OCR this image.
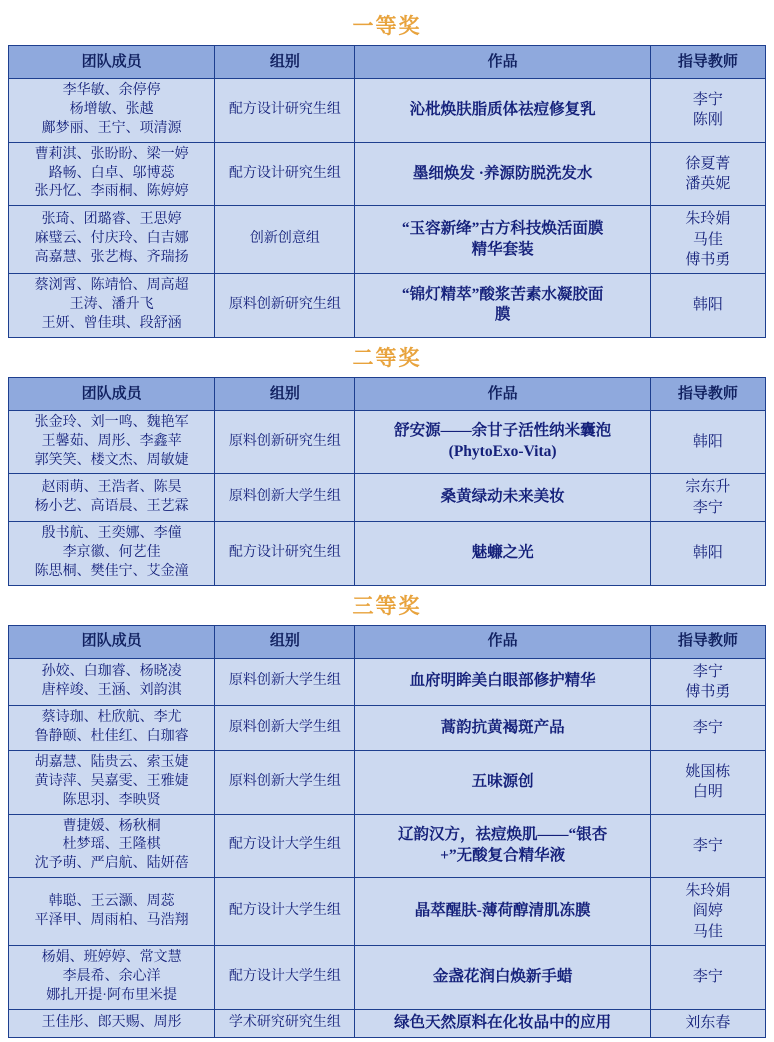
一等奖
团队成员	组别	作品	指导教师

李华敏、余停停
杨增敏、张越
鄺梦丽、王宁、项清源	配方设计研究生组	沁枇焕肤脂质体祛痘修复乳	李宁
陈刚

曹莉淇、张盼盼、梁一婷
路畅、白卓、邬博蕊
张丹忆、李雨桐、陈婷婷	配方设计研究生组	墨细焕发 ·养源防脱洗发水	徐夏菁
潘英妮

张琦、团璐睿、王思婷
麻璧云、付庆玲、白吉娜
高嘉慧、张艺梅、齐瑞扬	创新创意组	“玉容新绛”古方科技焕活面膜
精华套装	朱玲娟
马佳
傅书勇

蔡浏霄、陈靖恰、周高超
王涛、潘升飞
王妍、曾佳琪、段舒涵	原料创新研究生组	“锦灯精萃”酸浆苦素水凝胶面
膜	韩阳
二等奖
团队成员	组别	作品	指导教师

张金玲、刘一鸣、魏艳军
王馨茹、周彤、李鑫苹
郭笑笑、楼文杰、周敏婕	原料创新研究生组	舒安源——余甘子活性纳米囊泡
(PhytoExo-Vita)	韩阳

赵雨萌、王浩者、陈昊
杨小艺、高语晨、王艺霖	原料创新大学生组	桑黄绿动未来美妆	宗东升
李宁

殷书航、王奕娜、李僮
李京徽、何艺佳
陈思桐、樊佳宁、艾金潼	配方设计研究生组	魅蠊之光	韩阳
三等奖
团队成员	组别	作品	指导教师

孙姣、白珈睿、杨晓凌
唐梓竣、王涵、刘韵淇	原料创新大学生组	血府明眸美白眼部修护精华	李宁
傅书勇

蔡诗珈、杜欣航、李尤
鲁静颐、杜佳红、白珈睿	原料创新大学生组	蒿韵抗黄褐斑产品	李宁

胡嘉慧、陆贵云、索玉婕
黄诗萍、吴嘉雯、王雅婕
陈思羽、李映贤	原料创新大学生组	五味源创	姚国栋
白明

曹捷媛、杨秋桐
杜梦瑶、王隆棋
沈予萌、严启航、陆妍蓓	配方设计大学生组	辽韵汉方，祛痘焕肌——“银杏
+”无酸复合精华液	李宁

韩聪、王云灏、周蕊
平泽甲、周雨柏、马浩翔	配方设计大学生组	晶萃醒肤-薄荷醇清肌冻膜	朱玲娟
阎婷
马佳

杨娟、班婷婷、常文慧
李晨希、余心洋
娜扎开提·阿布里米提	配方设计大学生组	金盏花润白焕新手蜡	李宁

王佳彤、郎天赐、周彤	学术研究研究生组	绿色天然原料在化妆品中的应用	刘东春
